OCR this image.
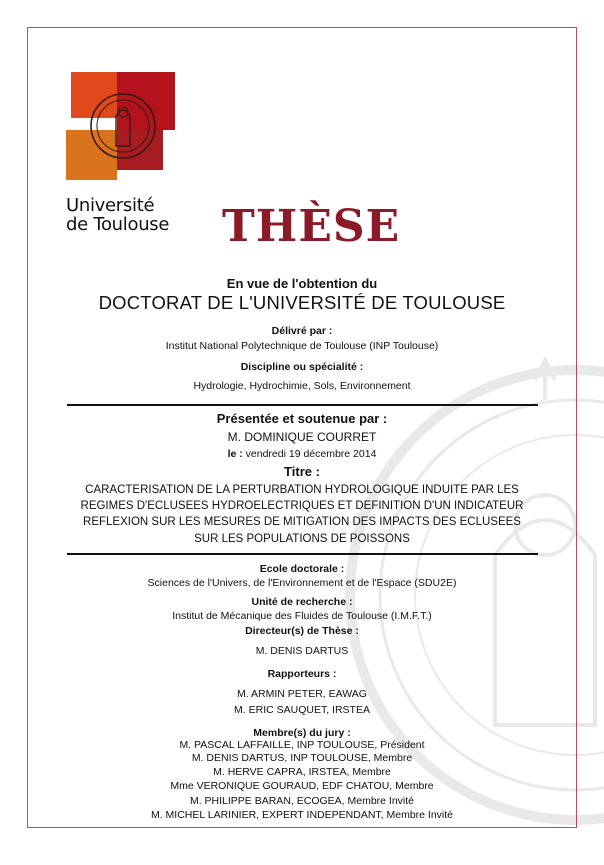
Université
de Toulouse THÈSE
En vue de l'obtention du
DOCTORAT DE L'UNIVERSITÉ DE TOULOUSE
Délivré par :
Institut National Polytechnique de Toulouse (INP Toulouse)
Discipline ou spécialité :
Hydrologie, Hydrochimie, Sols, Environnement
Présentée et soutenue par :
M. DOMINIQUE COURRET
le : vendredi 19 décembre 2014
Titre :
CARACTERISATION DE LA PERTURBATION HYDROLOGIQUE INDUITE PAR LES
REGIMES D'ECLUSEES HYDROELECTRIQUES ET DEFINITION D'UN INDICATEUR
REFLEXION SUR LES MESURES DE MITIGATION DES IMPACTS DES ECLUSEES
SUR LES POPULATIONS DE POISSONS
Ecole doctorale :
Sciences de l'Univers, de l'Environnement et de l'Espace (SDU2E)
Unité de recherche :
Institut de Mécanique des Fluides de Toulouse (I.M.F.T.)
Directeur(s) de Thèse :
M. DENIS DARTUS
Rapporteurs :
M. ARMIN PETER, EAWAG
M. ERIC SAUQUET, IRSTEA
Membre(s) du jury :
M. PASCAL LAFFAILLE, INP TOULOUSE, Président
M. DENIS DARTUS, INP TOULOUSE, Membre
M. HERVE CAPRA, IRSTEA, Membre
Mme VERONIQUE GOURAUD, EDF CHATOU, Membre
M. PHILIPPE BARAN, ECOGEA, Membre Invité
M. MICHEL LARINIER, EXPERT INDEPENDANT, Membre Invité
